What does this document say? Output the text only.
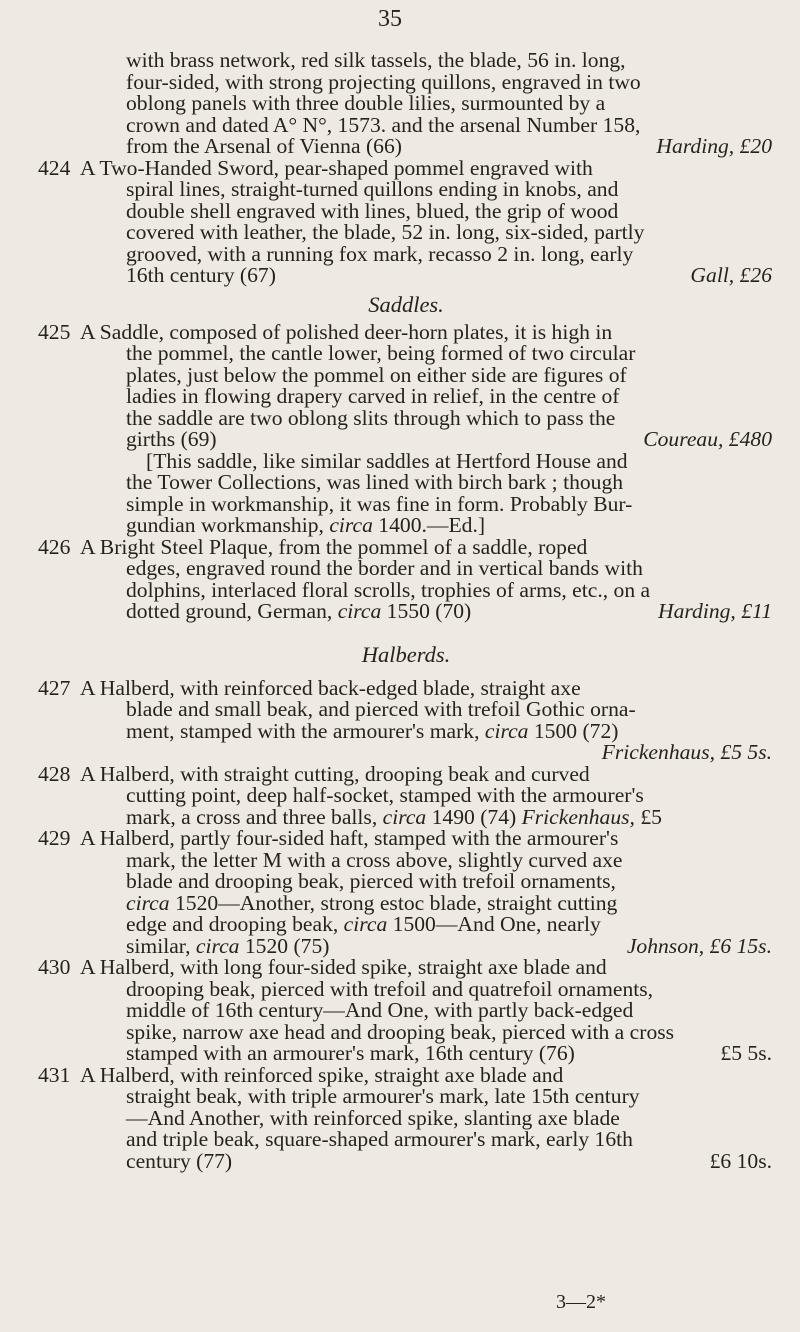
35
with brass network, red silk tassels, the blade, 56 in. long,
four-sided, with strong projecting quillons, engraved in two
oblong panels with three double lilies, surmounted by a
crown and dated A° N°, 1573. and the arsenal Number 158,
from the Arsenal of Vienna (66)	Harding, £20
424 A Two-Handed Sword, pear-shaped pommel engraved with
spiral lines, straight-turned quillons ending in knobs, and
double shell engraved with lines, blued, the grip of wood
covered with leather, the blade, 52 in. long, six-sided, partly
grooved, with a running fox mark, recasso 2 in. long, early
16th century (67)	Gall, £26
Saddles.
425 A Saddle, composed of polished deer-horn plates, it is high in
the pommel, the cantle lower, being formed of two circular
plates, just below the pommel on either side are figures of
ladies in flowing drapery carved in relief, in the centre of
the saddle are two oblong slits through which to pass the
girths (69)	Coureau, £480
[This saddle, like similar saddles at Hertford House and
the Tower Collections, was lined with birch bark ; though
simple in workmanship, it was fine in form. Probably Bur-
gundian workmanship, circa 1400.—Ed.]
426 A Bright Steel Plaque, from the pommel of a saddle, roped
edges, engraved round the border and in vertical bands with
dolphins, interlaced floral scrolls, trophies of arms, etc., on a
dotted ground, German, circa 1550 (70)	Harding, £11
Halberds.
427 A Halberd, with reinforced back-edged blade, straight axe
blade and small beak, and pierced with trefoil Gothic orna-
ment, stamped with the armourer's mark, circa 1500 (72)
Frickenhaus, £5 5s.
428 A Halberd, with straight cutting, drooping beak and curved
cutting point, deep half-socket, stamped with the armourer's
mark, a cross and three balls, circa 1490 (74) Frickenhaus, £5
429 A Halberd, partly four-sided haft, stamped with the armourer's
mark, the letter M with a cross above, slightly curved axe
blade and drooping beak, pierced with trefoil ornaments,
circa 1520—Another, strong estoc blade, straight cutting
edge and drooping beak, circa 1500—And One, nearly
similar, circa 1520 (75)	Johnson, £6 15s.
430 A Halberd, with long four-sided spike, straight axe blade and
drooping beak, pierced with trefoil and quatrefoil ornaments,
middle of 16th century—And One, with partly back-edged
spike, narrow axe head and drooping beak, pierced with a cross
stamped with an armourer's mark, 16th century (76)	£5 5s.
431 A Halberd, with reinforced spike, straight axe blade and
straight beak, with triple armourer's mark, late 15th century
—And Another, with reinforced spike, slanting axe blade
and triple beak, square-shaped armourer's mark, early 16th
century (77)	£6 10s.
3—2*
